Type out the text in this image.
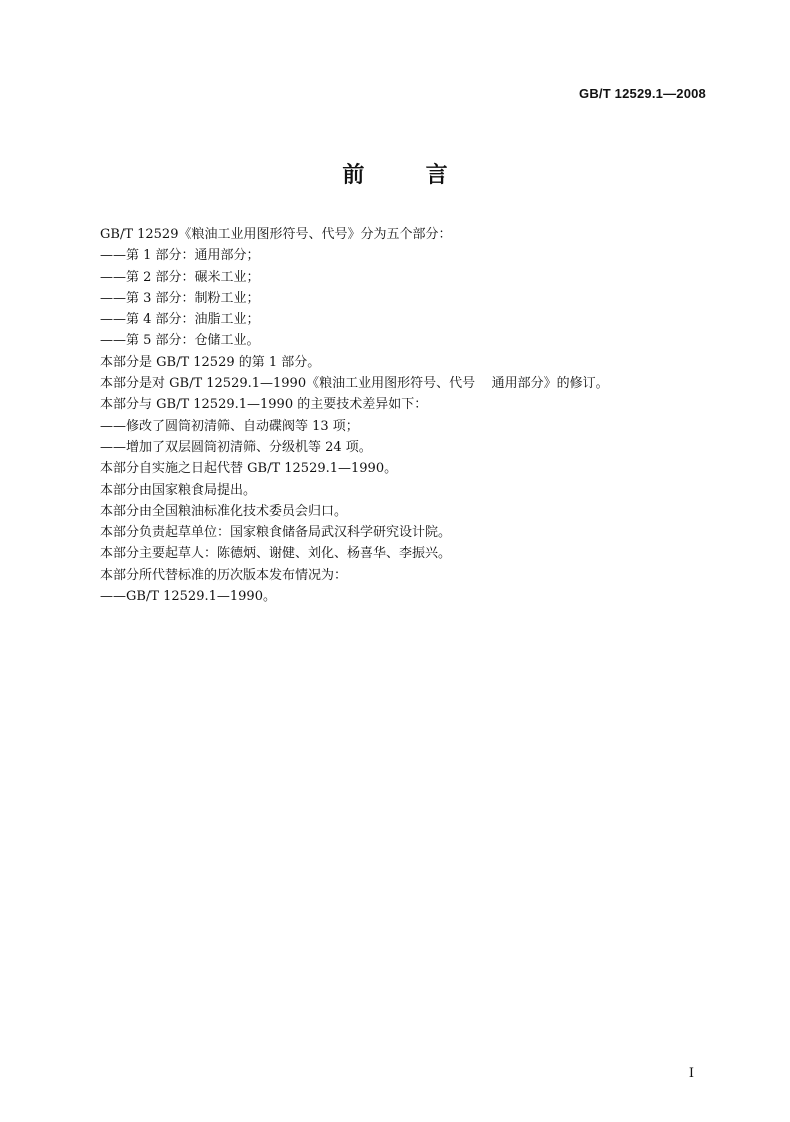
GB/T 12529.1—2008
前        言
GB/T 12529《粮油工业用图形符号、代号》分为五个部分：
——第 1 部分：通用部分；
——第 2 部分：碾米工业；
——第 3 部分：制粉工业；
——第 4 部分：油脂工业；
——第 5 部分：仓储工业。
本部分是 GB/T 12529 的第 1 部分。
本部分是对 GB/T 12529.1—1990《粮油工业用图形符号、代号    通用部分》的修订。
本部分与 GB/T 12529.1—1990 的主要技术差异如下：
——修改了圆筒初清筛、自动碟阀等 13 项；
——增加了双层圆筒初清筛、分级机等 24 项。
本部分自实施之日起代替 GB/T 12529.1—1990。
本部分由国家粮食局提出。
本部分由全国粮油标准化技术委员会归口。
本部分负责起草单位：国家粮食储备局武汉科学研究设计院。
本部分主要起草人：陈德炳、谢健、刘化、杨喜华、李振兴。
本部分所代替标准的历次版本发布情况为：
——GB/T 12529.1—1990。
I
